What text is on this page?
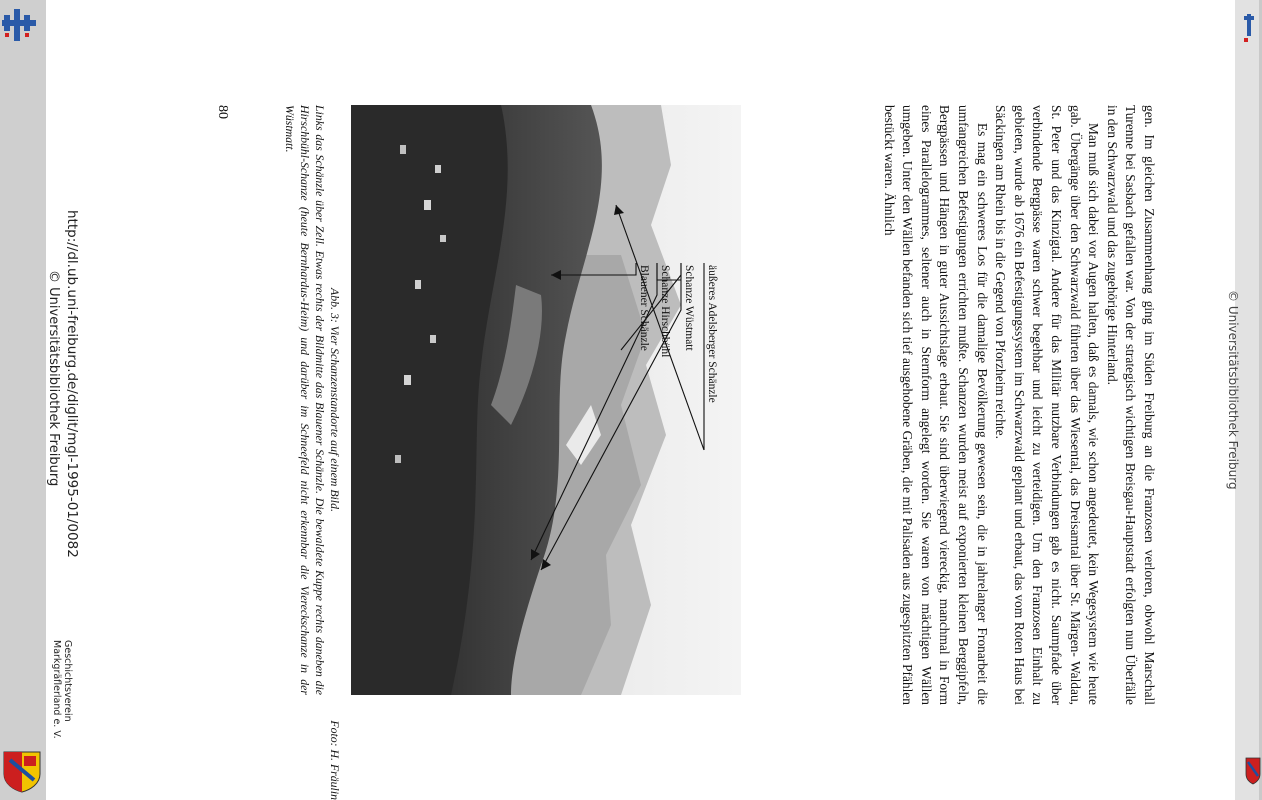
gen. Im gleichen Zusammenhang ging im Süden Freiburg an die Franzosen verloren, obwohl Marschall Turenne bei Sasbach gefallen war. Von der strategisch wichtigen Breisgau-Hauptstadt erfolgten nun Überfälle in den Schwarzwald und das zugehörige Hinterland.

Man muß sich dabei vor Augen halten, daß es damals, wie schon angedeutet, kein Wegesystem wie heute gab. Übergänge über den Schwarzwald führten über das Wiesental, das Dreisamtal über St. Märgen- Waldau, St. Peter und das Kinzigtal. Andere für das Militär nutzbare Verbindungen gab es nicht. Saumpfade über verbindende Bergpässe waren schwer begehbar und leicht zu verteidigen. Um den Franzosen Einhalt zu gebieten, wurde ab 1676 ein Befestigungssystem im Schwarzwald geplant und erbaut, das vom Roten Haus bei Säckingen am Rhein bis in die Gegend von Pforzheim reichte.

Es mag ein schweres Los für die damalige Bevölkerung gewesen sein, die in jahrelanger Fronarbeit die umfangreichen Befestigungen errichten mußte. Schanzen wurden meist auf exponierten kleinen Berggipfeln, Bergpässen und Hängen in guter Aussichtslage erbaut. Sie sind überwiegend viereckig, manchmal in Form eines Parallelogrammes, seltener auch in Sternform angelegt worden. Sie waren von mächtigen Wällen umgeben. Unter den Wällen befanden sich tief ausgehobene Gräben, die mit Palisaden aus zugespitzten Pfählen bestückt waren. Ähnlich

äußeres Adelsberger Schänzle
Schanze Wüstmatt
Schanze Hirschbühl
Blauener Schänzle

Abb. 3: Vier Schanzenstandorte auf einem Bild.

Links das Schänzle über Zell. Etwas rechts der Bildmitte das Blauener Schänzle. Die bewaldete Kuppe rechts daneben die Hirschbühl-Schanze (heute Bernhardus-Heim) und darüber im Schneefeld nicht erkennbar die Viereckschanze in der Wüstmatt.

Foto: H. Fräulin
80
http://dl.ub.uni-freiburg.de/diglit/mgl-1995-01/0082
© Universitätsbibliothek Freiburg
Geschichtsverein
Markgräflerland e. V.
© Universitätsbibliothek Freiburg
